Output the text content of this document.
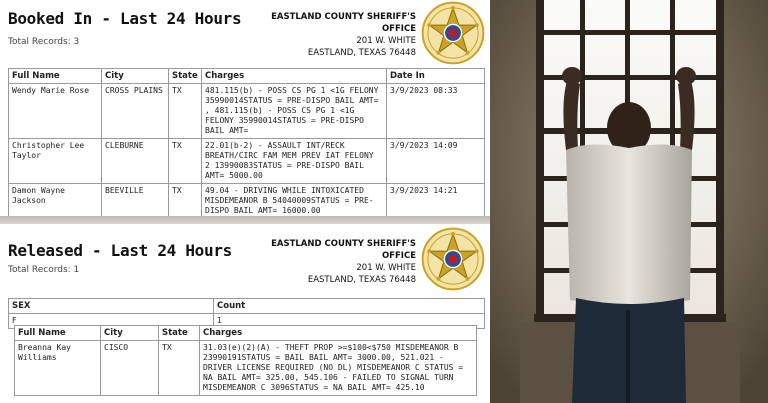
Booked In - Last 24 Hours
Total Records: 3
EASTLAND COUNTY SHERIFF'S
OFFICE
201 W. WHITE
EASTLAND, TEXAS 76448
Full Name	City	State	Charges	Date In
Wendy Marie Rose	CROSS PLAINS	TX	481.115(b) - POSS CS PG 1 <1G FELONY 35990014STATUS = PRE-DISPO BAIL AMT= , 481.115(b) - POSS CS PG 1 <1G FELONY 35990014STATUS = PRE-DISPO BAIL AMT=	3/9/2023 08:33
Christopher Lee Taylor	CLEBURNE	TX	22.01(b-2) - ASSAULT INT/RECK BREATH/CIRC FAM MEM PREV IAT FELONY 2 13990083STATUS = PRE-DISPO BAIL AMT= 5000.00	3/9/2023 14:09
Damon Wayne Jackson	BEEVILLE	TX	49.04 - DRIVING WHILE INTOXICATED MISDEMEANOR B 54040009STATUS = PRE-DISPO BAIL AMT= 16000.00	3/9/2023 14:21
Released - Last 24 Hours
Total Records: 1
EASTLAND COUNTY SHERIFF'S
OFFICE
201 W. WHITE
EASTLAND, TEXAS 76448
SEX	Count
F	1
Full Name	City	State	Charges
Breanna Kay Williams	CISCO	TX	31.03(e)(2)(A) - THEFT PROP >=$100<$750 MISDEMEANOR B 23990191STATUS = BAIL BAIL AMT= 3000.00, 521.021 - DRIVER LICENSE REQUIRED (NO DL) MISDEMEANOR C STATUS = NA BAIL AMT= 325.00, 545.106 - FAILED TO SIGNAL TURN MISDEMEANOR C 3096STATUS = NA BAIL AMT= 425.10
